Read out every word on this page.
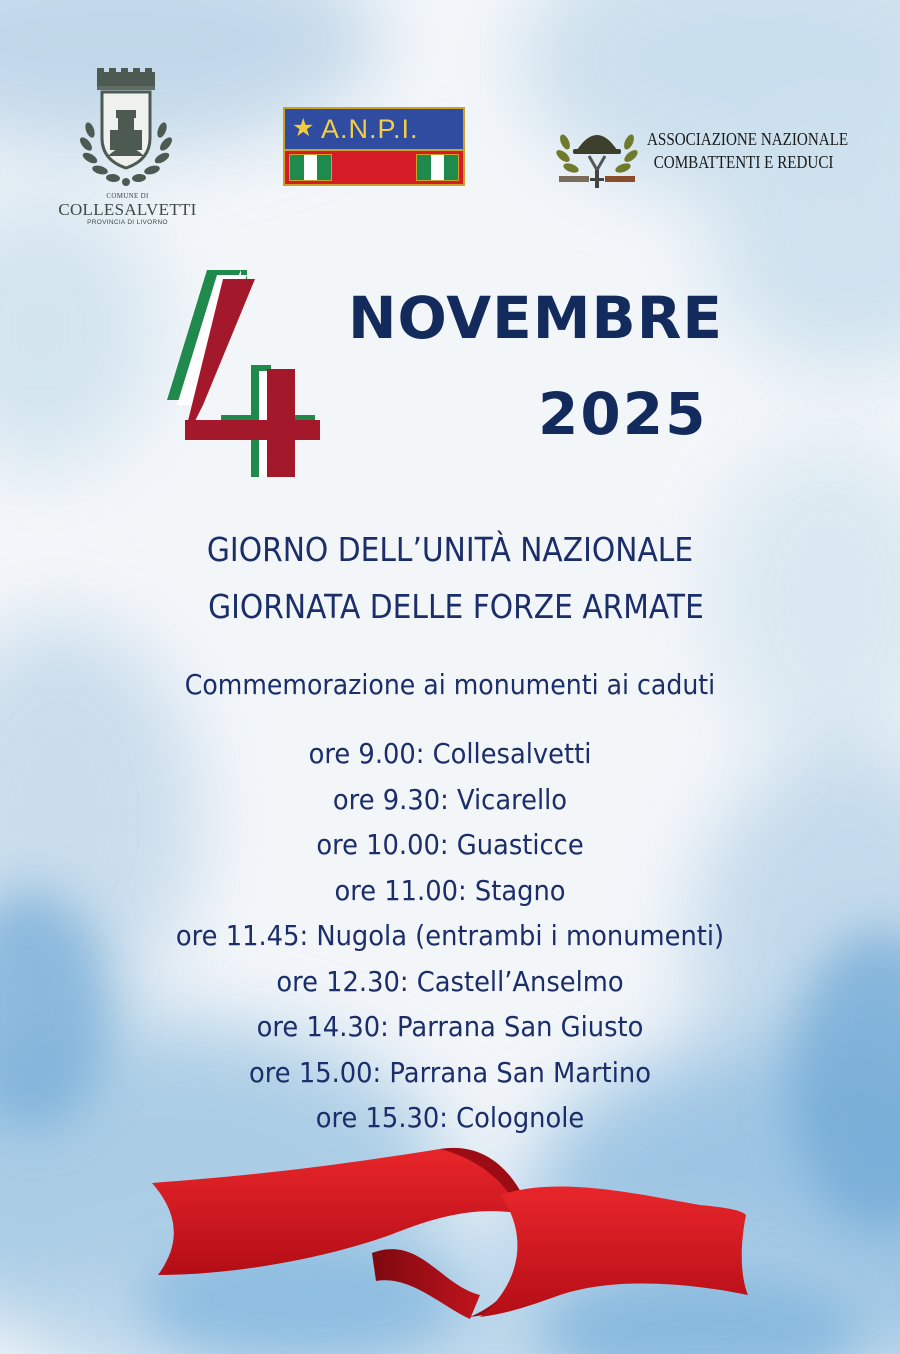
COMUNE DI
COLLESALVETTI
PROVINCIA DI LIVORNO
★ A.N.P.I.	ASSOCIAZIONE NAZIONALE
COMBATTENTI E REDUCI
NOVEMBRE
2025
GIORNO DELL’UNITÀ NAZIONALE
GIORNATA DELLE FORZE ARMATE
Commemorazione ai monumenti ai caduti
ore 9.00: Collesalvetti
ore 9.30: Vicarello
ore 10.00: Guasticce
ore 11.00: Stagno
ore 11.45: Nugola (entrambi i monumenti)
ore 12.30: Castell’Anselmo
ore 14.30: Parrana San Giusto
ore 15.00: Parrana San Martino
ore 15.30: Colognole
